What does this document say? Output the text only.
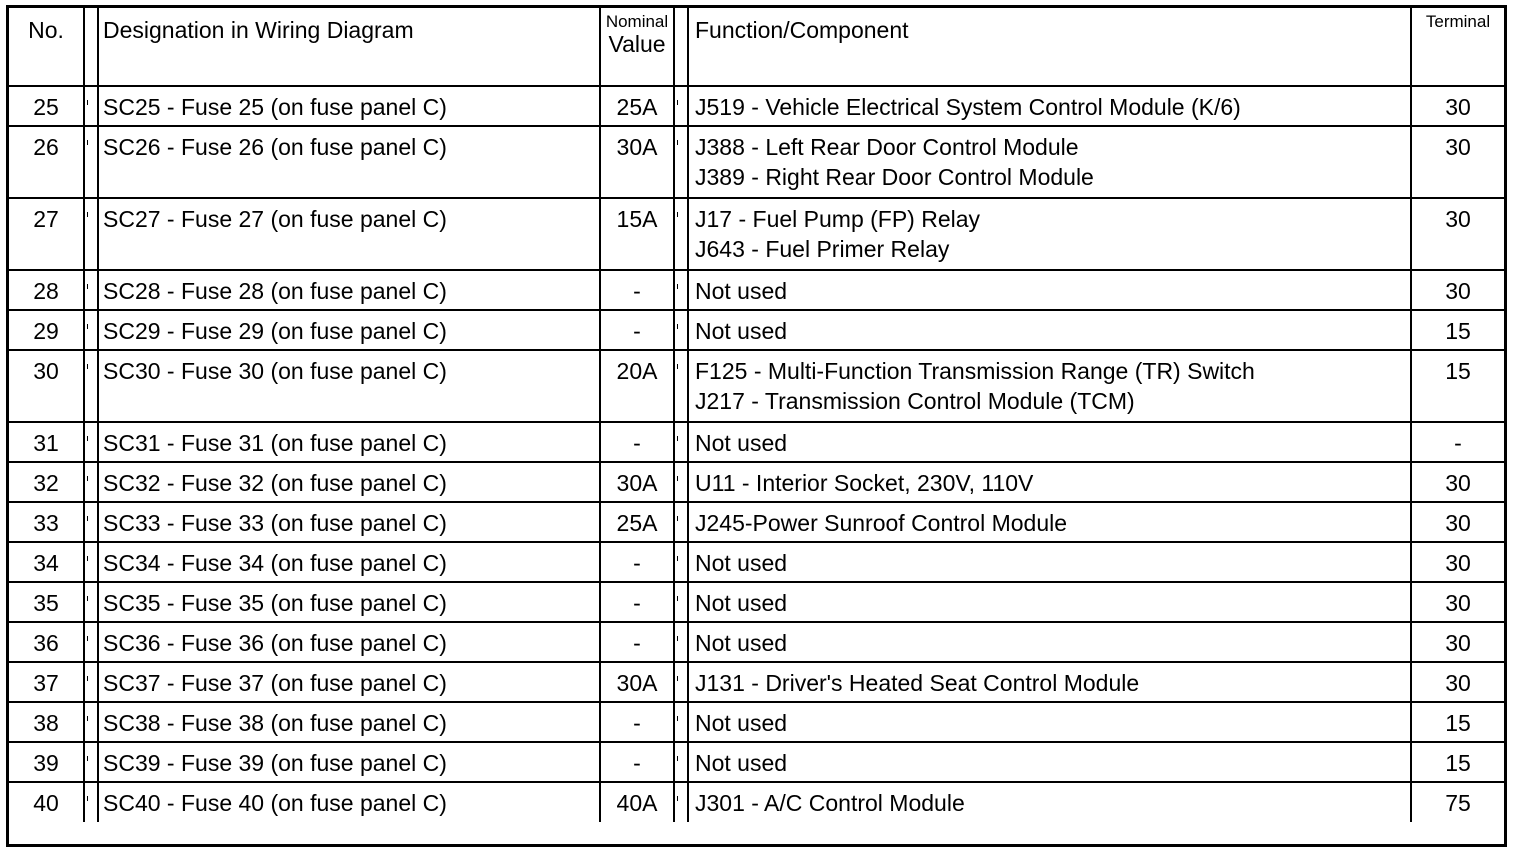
No.		Designation in Wiring Diagram	Nominal
Value		Function/Component	Terminal

25		SC25 - Fuse 25 (on fuse panel C)	25A		J519 - Vehicle Electrical System Control Module (K/6)	30
26		SC26 - Fuse 26 (on fuse panel C)	30A		J388 - Left Rear Door Control Module
J389 - Right Rear Door Control Module	30
27		SC27 - Fuse 27 (on fuse panel C)	15A		J17 - Fuel Pump (FP) Relay
J643 - Fuel Primer Relay	30
28		SC28 - Fuse 28 (on fuse panel C)	-		Not used	30
29		SC29 - Fuse 29 (on fuse panel C)	-		Not used	15
30		SC30 - Fuse 30 (on fuse panel C)	20A		F125 - Multi-Function Transmission Range (TR) Switch
J217 - Transmission Control Module (TCM)	15
31		SC31 - Fuse 31 (on fuse panel C)	-		Not used	-
32		SC32 - Fuse 32 (on fuse panel C)	30A		U11 - Interior Socket, 230V, 110V	30
33		SC33 - Fuse 33 (on fuse panel C)	25A		J245-Power Sunroof Control Module	30
34		SC34 - Fuse 34 (on fuse panel C)	-		Not used	30
35		SC35 - Fuse 35 (on fuse panel C)	-		Not used	30
36		SC36 - Fuse 36 (on fuse panel C)	-		Not used	30
37		SC37 - Fuse 37 (on fuse panel C)	30A		J131 - Driver's Heated Seat Control Module	30
38		SC38 - Fuse 38 (on fuse panel C)	-		Not used	15
39		SC39 - Fuse 39 (on fuse panel C)	-		Not used	15
40		SC40 - Fuse 40 (on fuse panel C)	40A		J301 - A/C Control Module	75
